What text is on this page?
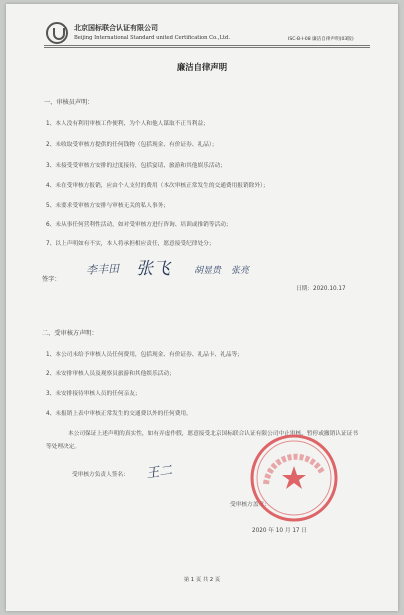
北京国标联合认证有限公司
Beijing International Standard united Certification Co.,Ltd.	ISC-B-I-08 廉洁自律声明(03版)
廉洁自律声明
一、审核员声明：
1、本人没有利用审核工作便利，为个人和他人谋取不正当利益；
2、未收取受审核方提供的任何钱物（包括现金、有价证券、礼品）；
3、未接受受审核方安排的过度接待，包括宴请、旅游和其他娱乐活动；
4、未在受审核方报销，应由个人支付的费用（本次审核正常发生的交通费用报销除外）；
5、未要求受审核方安排与审核无关的私人事务；
6、未从事任何营利性活动，如对受审核方进行咨询、培训或推销等活动；
7、以上声明如有不实，本人将承担相应责任，愿意接受纪律处分；
签字：
李丰田 张飞	胡显贵 张亮
日期：2020.10.17
二、受审核方声明：
1、本公司未给予审核人员任何费用，包括现金、有价证券、礼品卡、礼品等；
2、未安排审核人员及观察员旅游和其他娱乐活动；
3、未安排接待审核人员的任何亲友；
4、未报销上表中审核正常发生的交通费以外的任何费用。
本公司保证上述声明的真实性，如有弄虚作假，愿意接受北京国标联合认证有限公司中止审核、暂停或撤销认证证书等处理决定。
受审核方负责人签名： 王二
受审核方盖章：
2020 年 10 月 17 日
第 1 页 共 2 页
